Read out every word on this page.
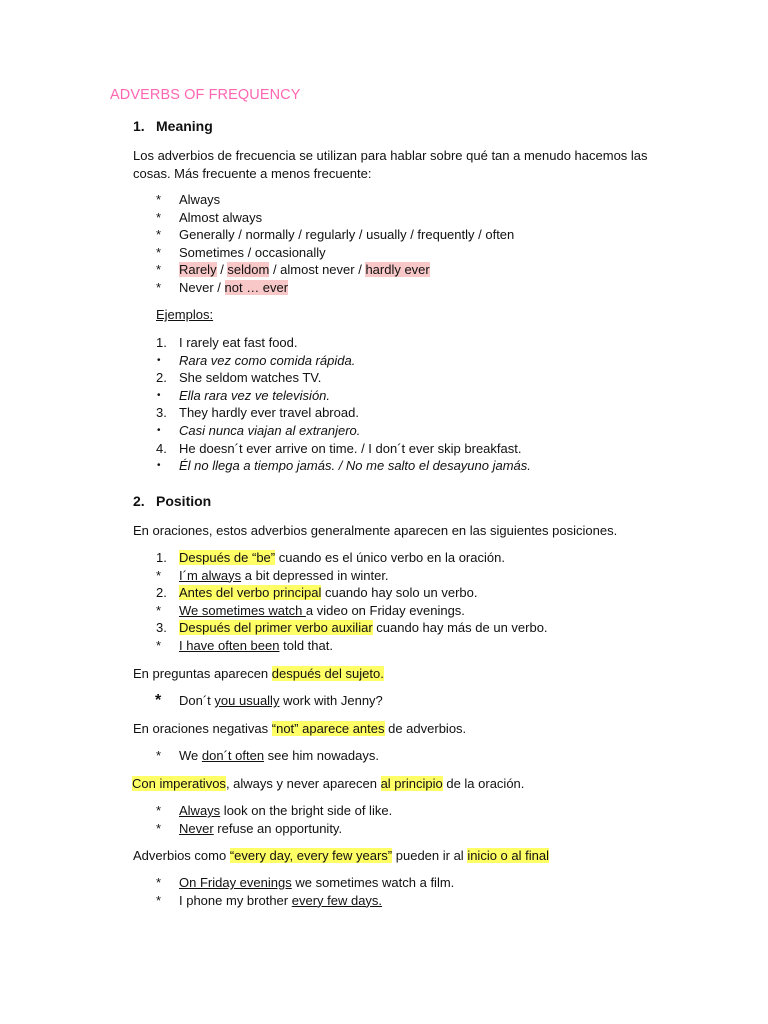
ADVERBS OF FREQUENCY
1. Meaning
Los adverbios de frecuencia se utilizan para hablar sobre qué tan a menudo hacemos las
cosas. Más frecuente a menos frecuente:
*	Always
*	Almost always
*	Generally / normally / regularly / usually / frequently / often
*	Sometimes / occasionally
*	Rarely / seldom / almost never / hardly ever
*	Never / not … ever
Ejemplos:
1. I rarely eat fast food.
•	Rara vez como comida rápida.
2. She seldom watches TV.
•	Ella rara vez ve televisión.
3. They hardly ever travel abroad.
•	Casi nunca viajan al extranjero.
4. He doesn´t ever arrive on time. / I don´t ever skip breakfast.
•	Él no llega a tiempo jamás. / No me salto el desayuno jamás.
2. Position
En oraciones, estos adverbios generalmente aparecen en las siguientes posiciones.
1. Después de “be” cuando es el único verbo en la oración.
*	I´m always a bit depressed in winter.
2. Antes del verbo principal cuando hay solo un verbo.
*	We sometimes watch a video on Friday evenings.
3. Después del primer verbo auxiliar cuando hay más de un verbo.
*	I have often been told that.
En preguntas aparecen después del sujeto.
*	Don´t you usually work with Jenny?
En oraciones negativas “not” aparece antes de adverbios.
*	We don´t often see him nowadays.
Con imperativos, always y never aparecen al principio de la oración.
*	Always look on the bright side of like.
*	Never refuse an opportunity.
Adverbios como “every day, every few years” pueden ir al inicio o al final
*	On Friday evenings we sometimes watch a film.
*	I phone my brother every few days.
